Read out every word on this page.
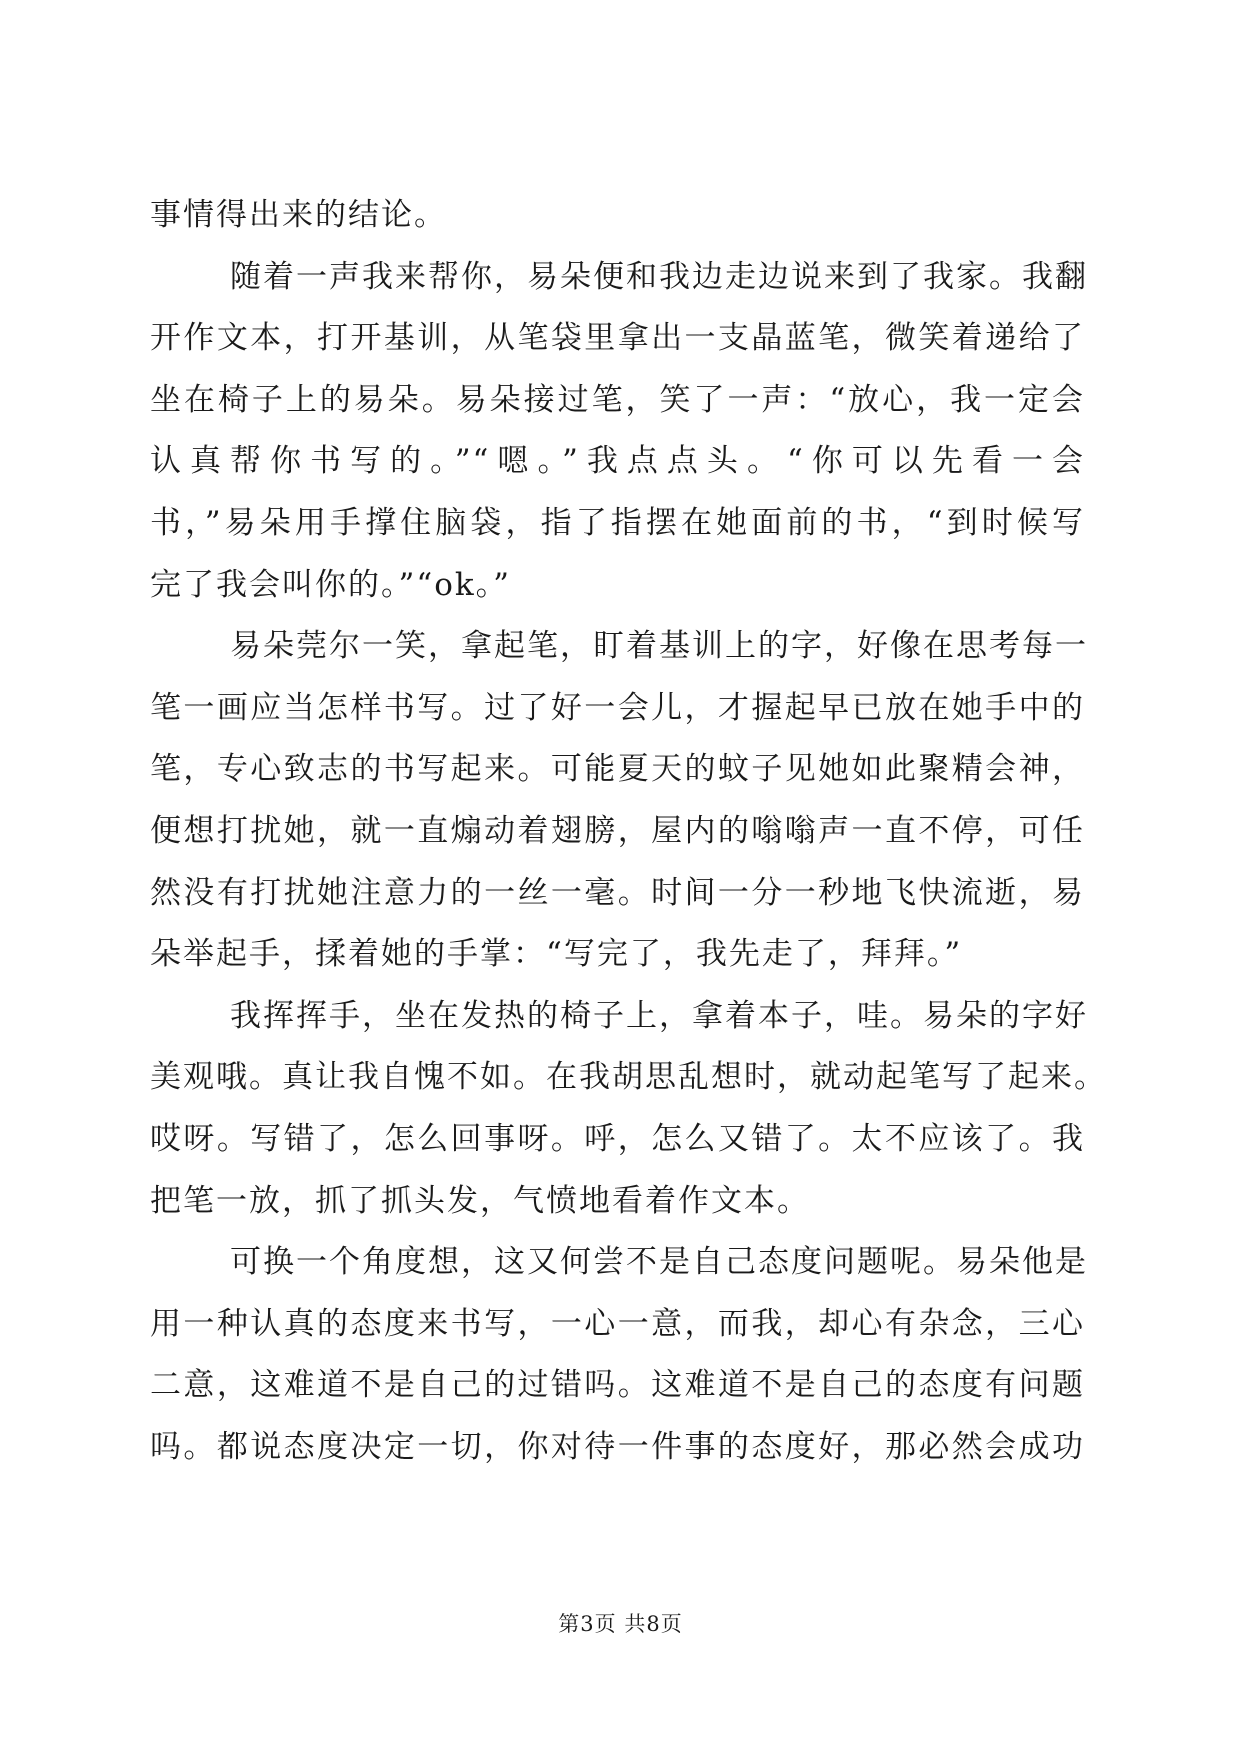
事情得出来的结论。
随着一声我来帮你，易朵便和我边走边说来到了我家。我翻
开作文本，打开基训，从笔袋里拿出一支晶蓝笔，微笑着递给了
坐在椅子上的易朵。易朵接过笔，笑了一声：“放心，我一定会
认真帮你书写的。”“嗯。”我点点头。“你可以先看一会
书，”易朵用手撑住脑袋，指了指摆在她面前的书，“到时候写
完了我会叫你的。”“ok。”
易朵莞尔一笑，拿起笔，盯着基训上的字，好像在思考每一
笔一画应当怎样书写。过了好一会儿，才握起早已放在她手中的
笔，专心致志的书写起来。可能夏天的蚊子见她如此聚精会神，
便想打扰她，就一直煽动着翅膀，屋内的嗡嗡声一直不停，可任
然没有打扰她注意力的一丝一毫。时间一分一秒地飞快流逝，易
朵举起手，揉着她的手掌：“写完了，我先走了，拜拜。”
我挥挥手，坐在发热的椅子上，拿着本子，哇。易朵的字好
美观哦。真让我自愧不如。在我胡思乱想时，就动起笔写了起来。
哎呀。写错了，怎么回事呀。呼，怎么又错了。太不应该了。我
把笔一放，抓了抓头发，气愤地看着作文本。
可换一个角度想，这又何尝不是自己态度问题呢。易朵他是
用一种认真的态度来书写，一心一意，而我，却心有杂念，三心
二意，这难道不是自己的过错吗。这难道不是自己的态度有问题
吗。都说态度决定一切，你对待一件事的态度好，那必然会成功
第3页 共8页
